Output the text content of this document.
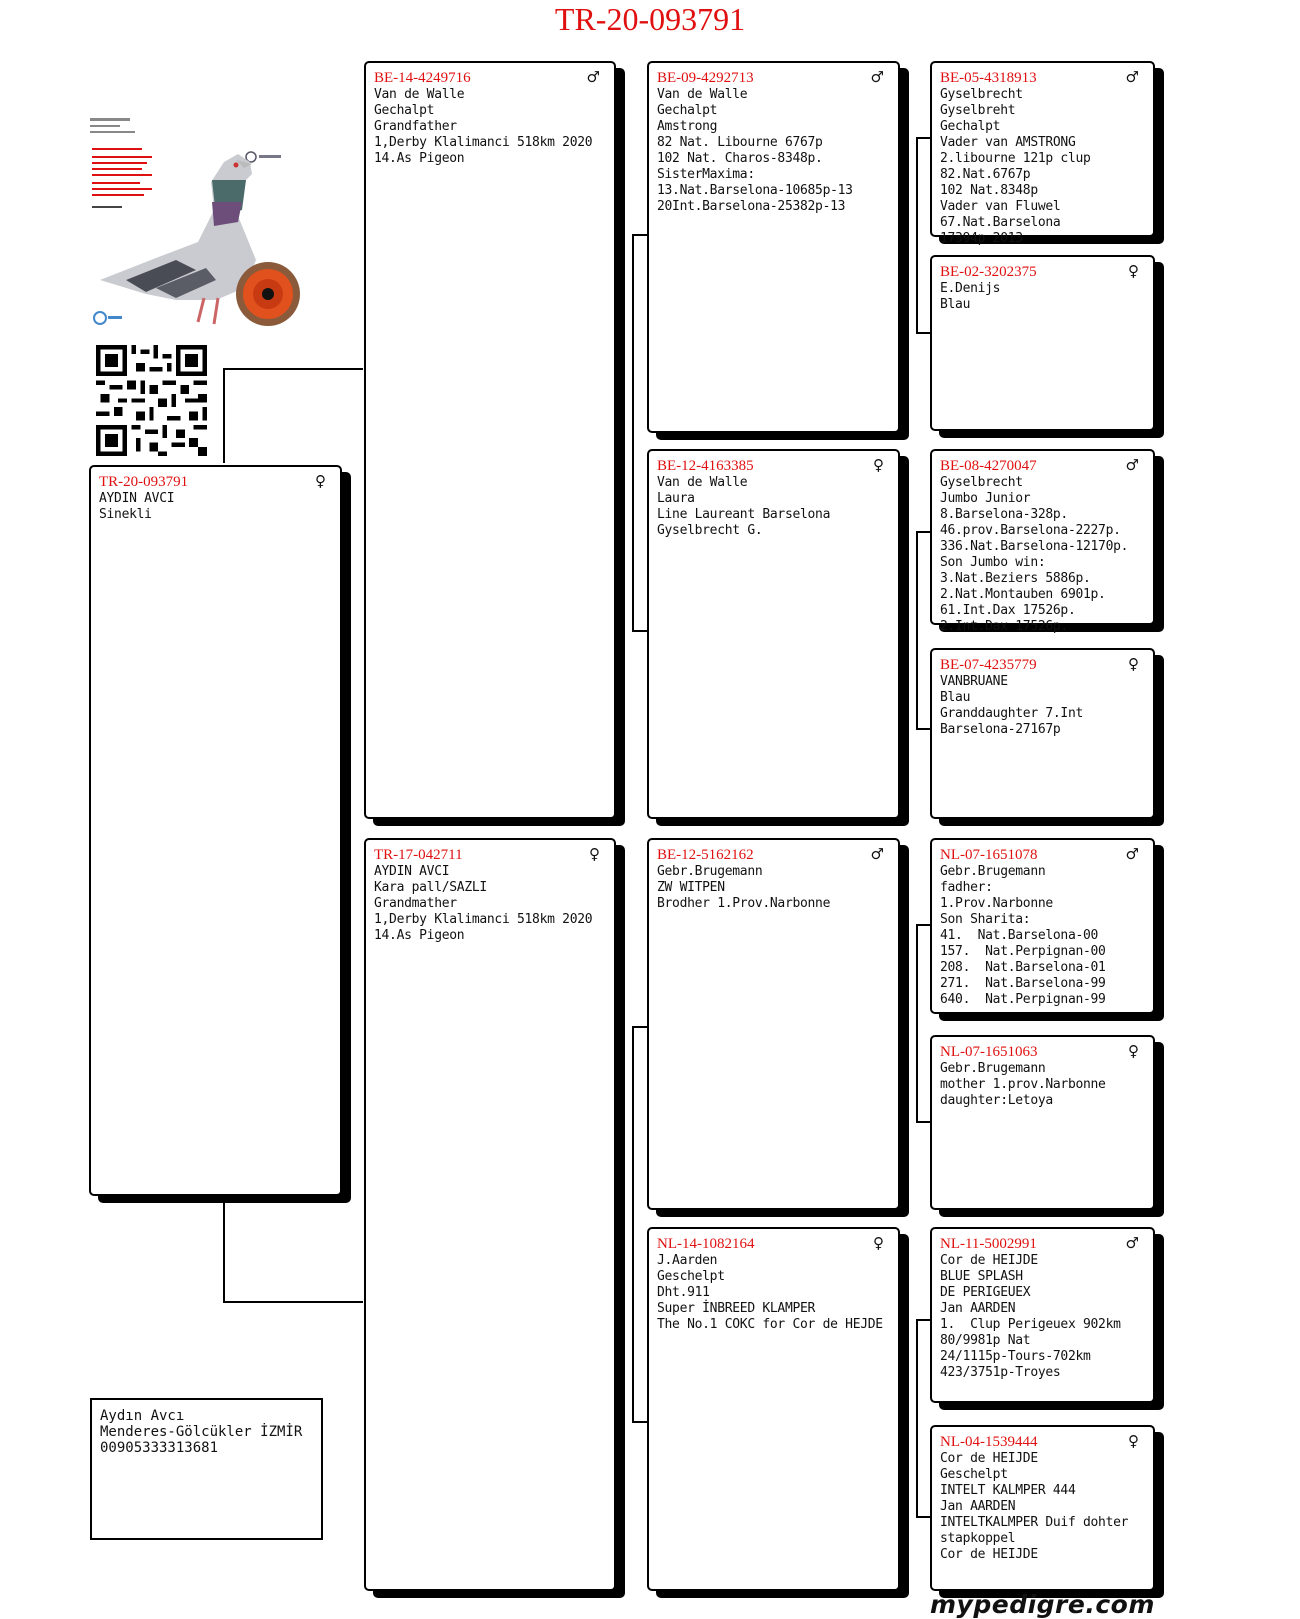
TR-20-093791
TR-20-093791	♀
AYDIN AVCI
Sinekli
BE-14-4249716	♂
Van de Walle
Gechalpt
Grandfather
1,Derby Klalimanci 518km 2020
14.As Pigeon
TR-17-042711	♀
AYDIN AVCI
Kara pall/SAZLI
Grandmather
1,Derby Klalimanci 518km 2020
14.As Pigeon
BE-09-4292713	♂
Van de Walle
Gechalpt
Amstrong
82 Nat. Libourne 6767p
102 Nat. Charos-8348p.
SisterMaxima:
13.Nat.Barselona-10685p-13
20Int.Barselona-25382p-13
BE-12-4163385	♀
Van de Walle
Laura
Line Laureant Barselona
Gyselbrecht G.
BE-12-5162162	♂
Gebr.Brugemann
ZW WITPEN
Brodher 1.Prov.Narbonne
NL-14-1082164	♀
J.Aarden
Geschelpt
Dht.911
Super İNBREED KLAMPER
The No.1 COKC for Cor de HEJDE
BE-05-4318913	♂
Gyselbrecht
Gyselbreht
Gechalpt
Vader van AMSTRONG
2.libourne 121p clup
82.Nat.6767p
102 Nat.8348p
Vader van Fluwel
67.Nat.Barselona
17394p 2013
BE-02-3202375	♀
E.Denijs
Blau
BE-08-4270047	♂
Gyselbrecht
Jumbo Junior
8.Barselona-328p.
46.prov.Barselona-2227p.
336.Nat.Barselona-12170p.
Son Jumbo win:
3.Nat.Beziers 5886p.
2.Nat.Montauben 6901p.
61.Int.Dax 17526p.
2.Int.Dax 17526p.
BE-07-4235779	♀
VANBRUANE
Blau
Granddaughter 7.Int
Barselona-27167p
NL-07-1651078	♂
Gebr.Brugemann
fadher:
1.Prov.Narbonne
Son Sharita:
41.  Nat.Barselona-00
157.  Nat.Perpignan-00
208.  Nat.Barselona-01
271.  Nat.Barselona-99
640.  Nat.Perpignan-99
NL-07-1651063	♀
Gebr.Brugemann
mother 1.prov.Narbonne
daughter:Letoya
NL-11-5002991	♂
Cor de HEIJDE
BLUE SPLASH
DE PERIGEUEX
Jan AARDEN
1.  Clup Perigeuex 902km
80/9981p Nat
24/1115p-Tours-702km
423/3751p-Troyes
NL-04-1539444	♀
Cor de HEIJDE
Geschelpt
INTELT KALMPER 444
Jan AARDEN
INTELTKALMPER Duif dohter
stapkoppel
Cor de HEIJDE
Aydın Avcı
Menderes-Gölcükler İZMİR
00905333313681
mypedigre.com
